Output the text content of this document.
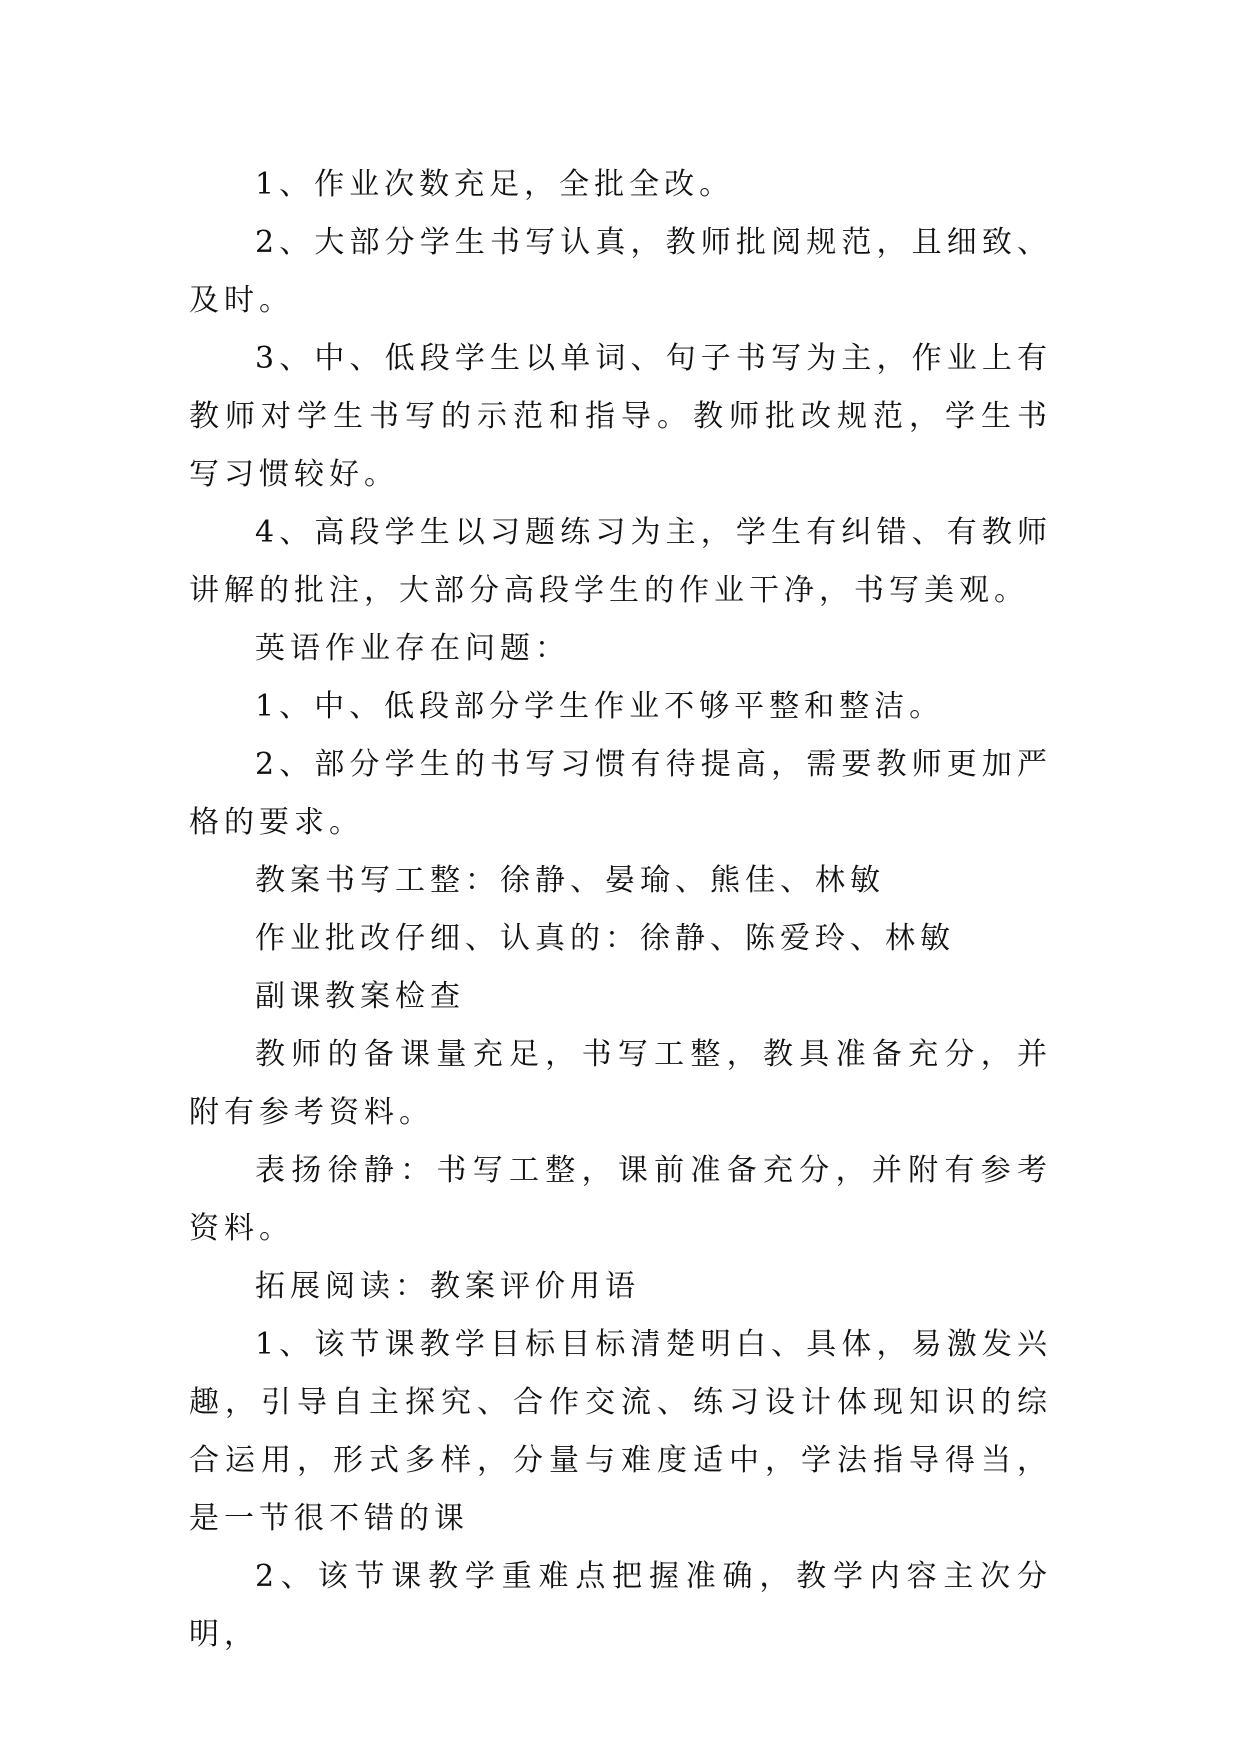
1、作业次数充足，全批全改。

2、大部分学生书写认真，教师批阅规范，且细致、及时。

3、中、低段学生以单词、句子书写为主，作业上有教师对学生书写的示范和指导。教师批改规范，学生书写习惯较好。

4、高段学生以习题练习为主，学生有纠错、有教师讲解的批注，大部分高段学生的作业干净，书写美观。

英语作业存在问题：

1、中、低段部分学生作业不够平整和整洁。

2、部分学生的书写习惯有待提高，需要教师更加严格的要求。

教案书写工整：徐静、晏瑜、熊佳、林敏

作业批改仔细、认真的：徐静、陈爱玲、林敏

副课教案检查

教师的备课量充足，书写工整，教具准备充分，并附有参考资料。

表扬徐静：书写工整，课前准备充分，并附有参考资料。

拓展阅读：教案评价用语

1、该节课教学目标目标清楚明白、具体，易激发兴趣，引导自主探究、合作交流、练习设计体现知识的综合运用，形式多样，分量与难度适中，学法指导得当，是一节很不错的课

2、该节课教学重难点把握准确，教学内容主次分明，
